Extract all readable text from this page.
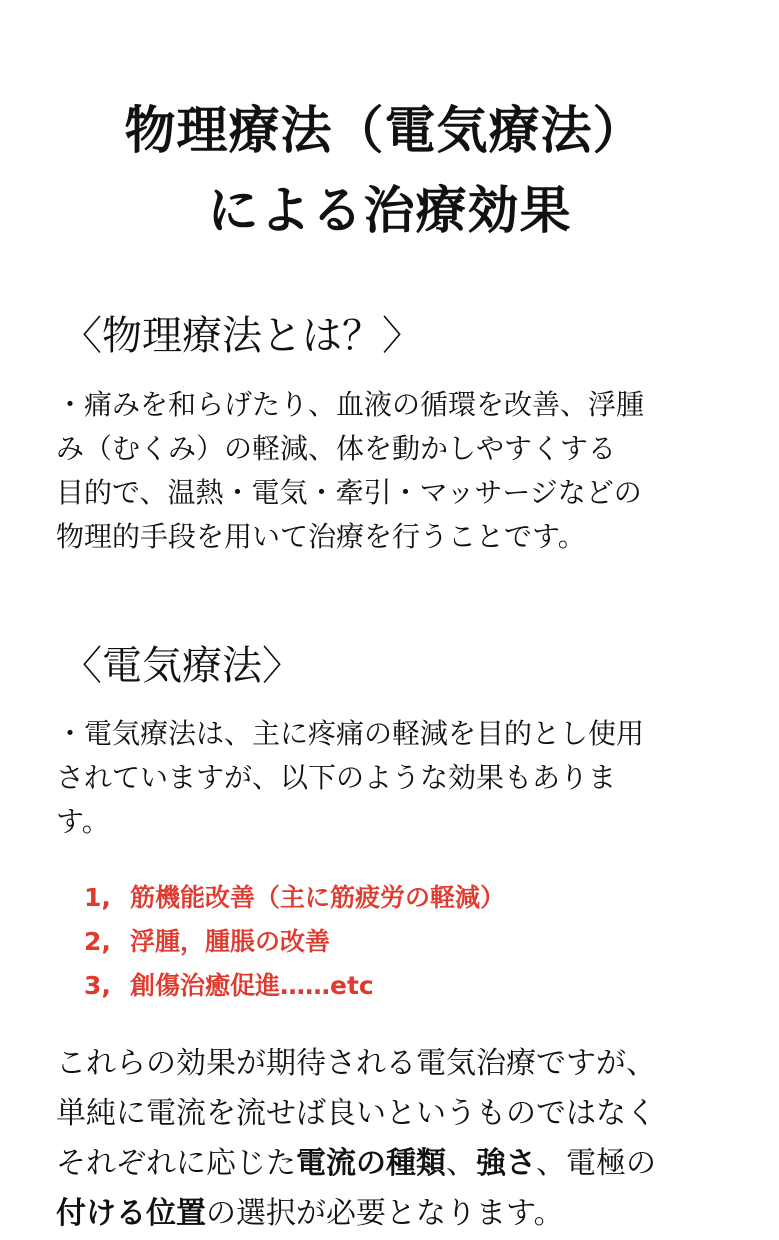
物理療法（電気療法）
による治療効果
〈物理療法とは？〉
・痛みを和らげたり、血液の循環を改善、浮腫
み（むくみ）の軽減、体を動かしやすくする
目的で、温熱・電気・牽引・マッサージなどの
物理的手段を用いて治療を行うことです。
〈電気療法〉
・電気療法は、主に疼痛の軽減を目的とし使用
されていますが、以下のような効果もありま
す。
1, 筋機能改善（主に筋疲労の軽減）
2, 浮腫，腫脹の改善
3, 創傷治癒促進……etc
これらの効果が期待される電気治療ですが、
単純に電流を流せば良いというものではなく
それぞれに応じた電流の種類、強さ、電極の
付ける位置の選択が必要となります。
